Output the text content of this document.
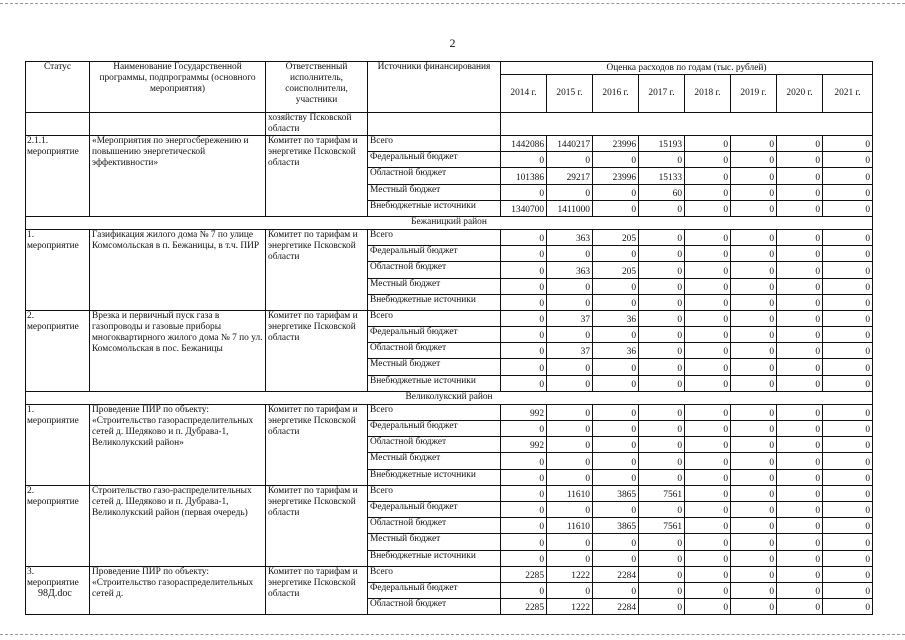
2
Статус	Наименование Государственной программы, подпрограммы (основного мероприятия)	Ответственный исполнитель, соисполнители, участники	Источники финансирования	Оценка расходов по годам (тыс. рублей)							
				2014 г.	2015 г.	2016 г.	2017 г.	2018 г.	2019 г.	2020 г.	2021 г.
		хозяйству Псковской области									
2.1.1. мероприятие	«Мероприятия по энергосбережению и повышению энергетической эффективности»	Комитет по тарифам и энергетике Псковской области	Всего	1442086	1440217	23996	15193	0	0	0	0
			Федеральный бюджет	0	0	0	0	0	0	0	0
			Областной бюджет	101386	29217	23996	15133	0	0	0	0
			Местный бюджет	0	0	0	60	0	0	0	0
			Внебюджетные источники	1340700	1411000	0	0	0	0	0	0
Бежаницкий район											
1. мероприятие	Газификация жилого дома № 7 по улице Комсомольская в п. Бежаницы, в т.ч. ПИР	Комитет по тарифам и энергетике Псковской области	Всего	0	363	205	0	0	0	0	0
			Федеральный бюджет	0	0	0	0	0	0	0	0
			Областной бюджет	0	363	205	0	0	0	0	0
			Местный бюджет	0	0	0	0	0	0	0	0
			Внебюджетные источники	0	0	0	0	0	0	0	0
2. мероприятие	Врезка и первичный пуск газа в газопроводы и газовые приборы многоквартирного жилого дома № 7 по ул. Комсомольская в пос. Бежаницы	Комитет по тарифам и энергетике Псковской области	Всего	0	37	36	0	0	0	0	0
			Федеральный бюджет	0	0	0	0	0	0	0	0
			Областной бюджет	0	37	36	0	0	0	0	0
			Местный бюджет	0	0	0	0	0	0	0	0
			Внебюджетные источники	0	0	0	0	0	0	0	0
Великолукский район											
1. мероприятие	Проведение ПИР по объекту: «Строительство газораспределительных сетей д. Шедяково и п. Дубрава-1, Великолукский район»	Комитет по тарифам и энергетике Псковской области	Всего	992	0	0	0	0	0	0	0
			Федеральный бюджет	0	0	0	0	0	0	0	0
			Областной бюджет	992	0	0	0	0	0	0	0
			Местный бюджет	0	0	0	0	0	0	0	0
			Внебюджетные источники	0	0	0	0	0	0	0	0
2. мероприятие	Строительство газо-распределительных сетей д. Шедяково и п. Дубрава-1, Великолукский район (первая очередь)	Комитет по тарифам и энергетике Псковской области	Всего	0	11610	3865	7561	0	0	0	0
			Федеральный бюджет	0	0	0	0	0	0	0	0
			Областной бюджет	0	11610	3865	7561	0	0	0	0
			Местный бюджет	0	0	0	0	0	0	0	0
			Внебюджетные источники	0	0	0	0	0	0	0	0
3. мероприятие	Проведение ПИР по объекту: «Строительство газораспределительных сетей д.	Комитет по тарифам и энергетике Псковской области	Всего	2285	1222	2284	0	0	0	0	0
			Федеральный бюджет	0	0	0	0	0	0	0	0
			Областной бюджет	2285	1222	2284	0	0	0	0	0
98Д.doc
